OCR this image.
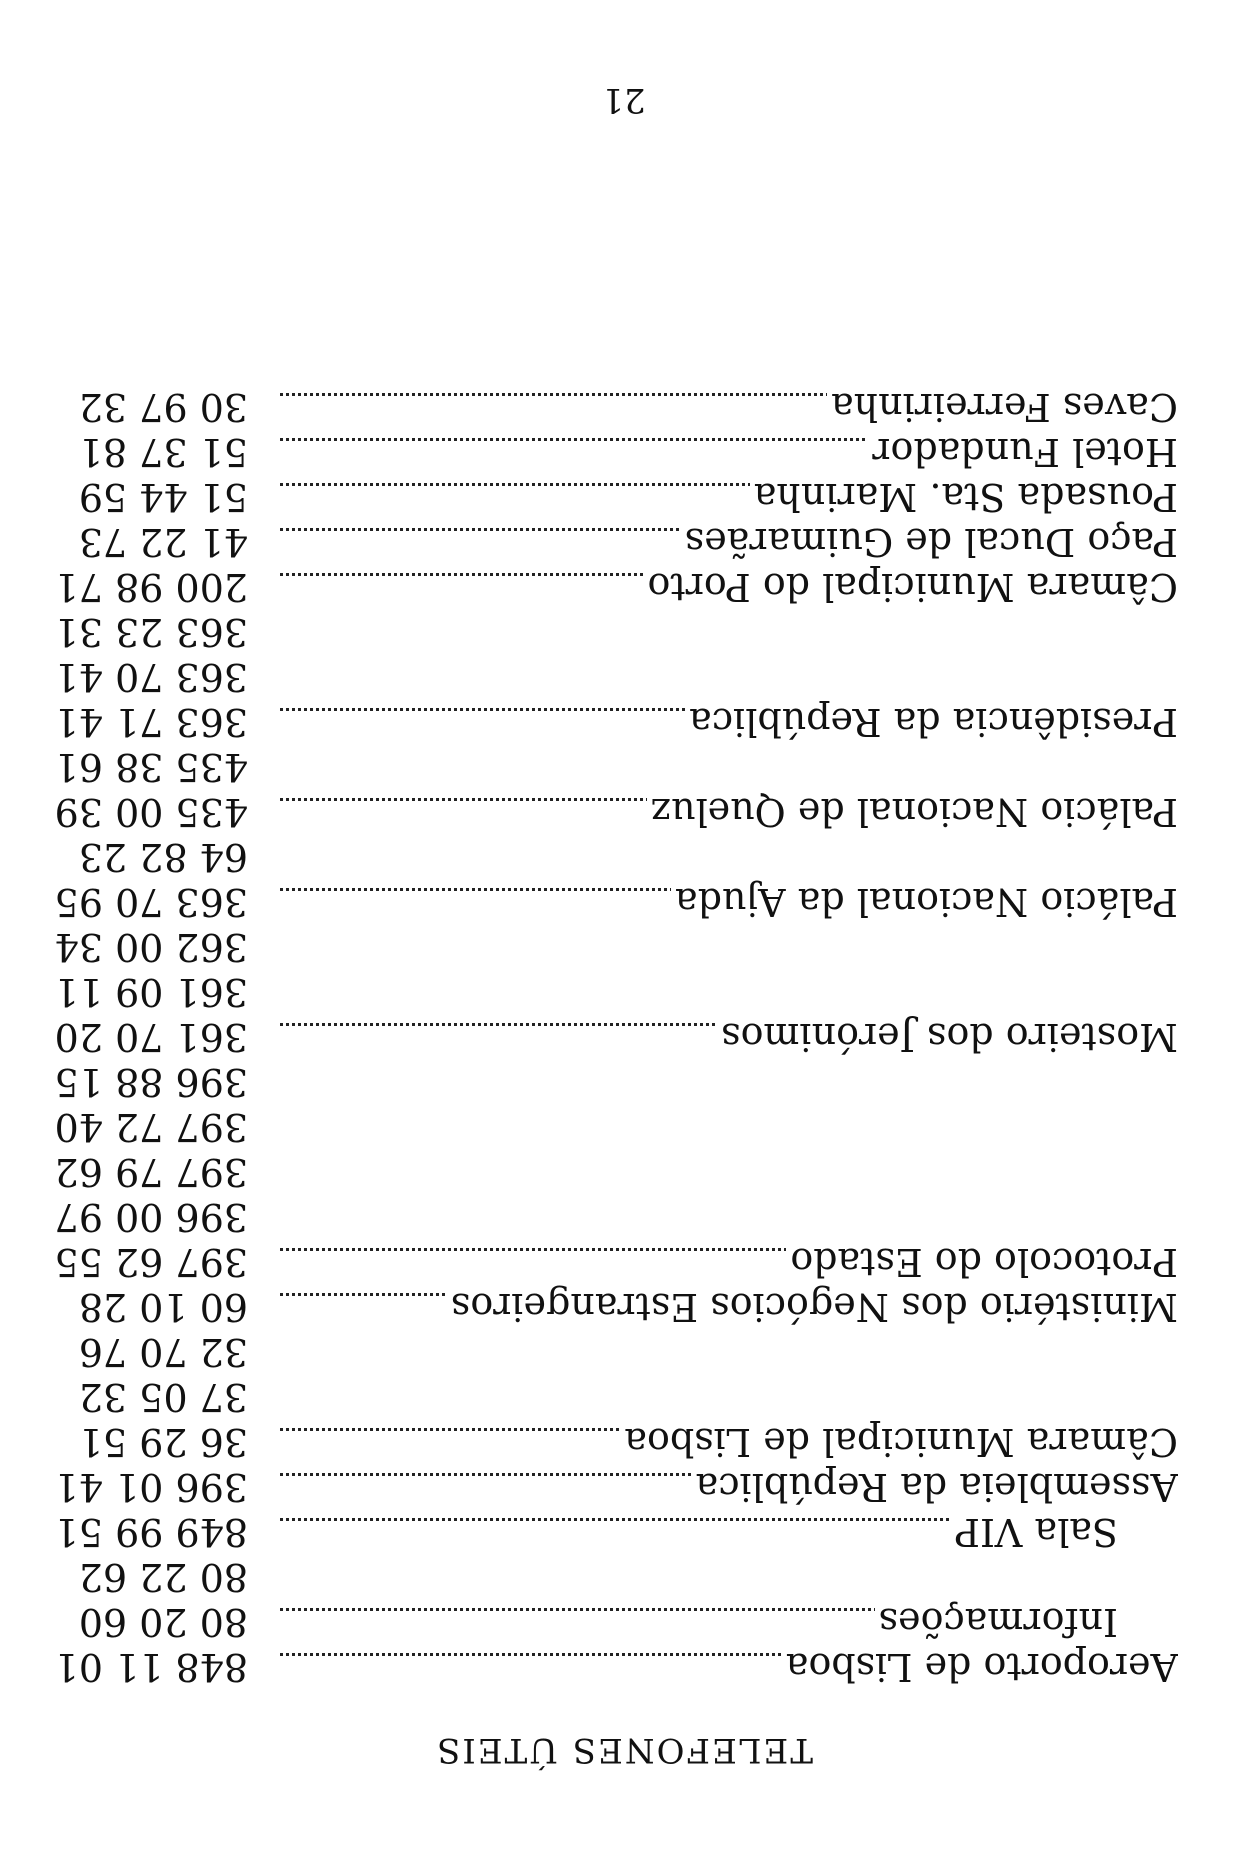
TELEFONES ÚTEIS
Aeroporto de Lisboa
848 11 01
Informações
80 20 60
80 22 62
Sala VIP
849 99 51
Assembleia da República
396 01 41
Câmara Municipal de Lisboa
36 29 51
37 05 32
32 70 76
Ministério dos Negócios Estrangeiros
60 10 28
Protocolo do Estado
397 62 55
396 00 97
397 79 62
397 72 40
396 88 15
Mosteiro dos Jerónimos
361 70 20
361 09 11
362 00 34
Palácio Nacional da Ajuda
363 70 95
64 82 23
Palácio Nacional de Queluz
435 00 39
435 38 61
Presidência da República
363 71 41
363 70 41
363 23 31
Câmara Municipal do Porto
200 98 71
Paço Ducal de Guimarães
41 22 73
Pousada Sta. Marinha
51 44 59
Hotel Fundador
51 37 81
Caves Ferreirinha
30 97 32
21
